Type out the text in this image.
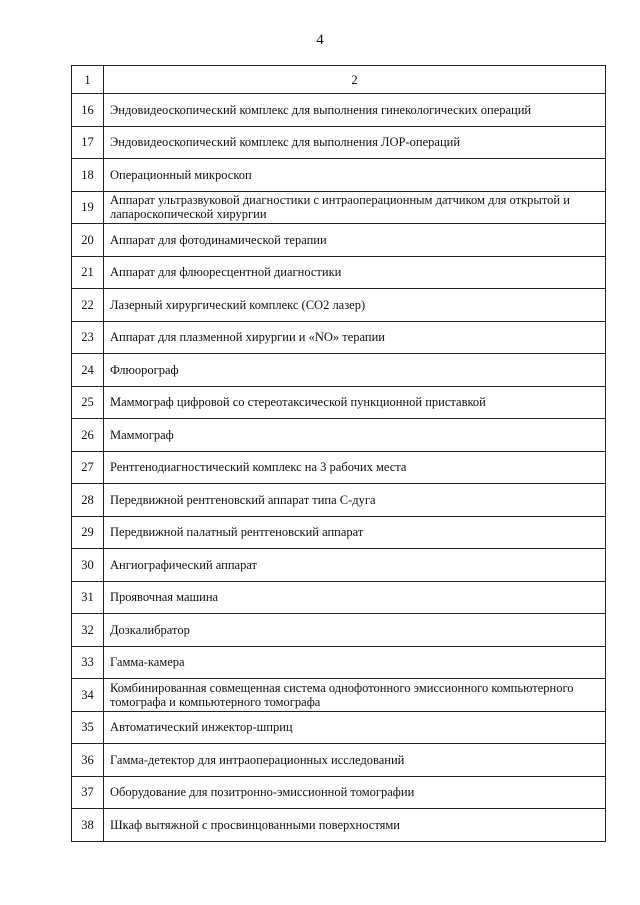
4
1	2
16	Эндовидеоскопический комплекс для выполнения гинекологических операций
17	Эндовидеоскопический комплекс для выполнения ЛОР-операций
18	Операционный микроскоп
19	Аппарат ультразвуковой диагностики с интраоперационным датчиком для открытой и лапароскопической хирургии
20	Аппарат для фотодинамической терапии
21	Аппарат для флюоресцентной диагностики
22	Лазерный хирургический комплекс (СО2 лазер)
23	Аппарат для плазменной хирургии и «NO» терапии
24	Флюорограф
25	Маммограф цифровой со стереотаксической пункционной приставкой
26	Маммограф
27	Рентгенодиагностический комплекс на 3 рабочих места
28	Передвижной рентгеновский аппарат типа С-дуга
29	Передвижной палатный рентгеновский аппарат
30	Ангиографический аппарат
31	Проявочная машина
32	Дозкалибратор
33	Гамма-камера
34	Комбинированная совмещенная система однофотонного эмиссионного компьютерного томографа и компьютерного томографа
35	Автоматический инжектор-шприц
36	Гамма-детектор для интраоперационных исследований
37	Оборудование для позитронно-эмиссионной томографии
38	Шкаф вытяжной с просвинцованными поверхностями
